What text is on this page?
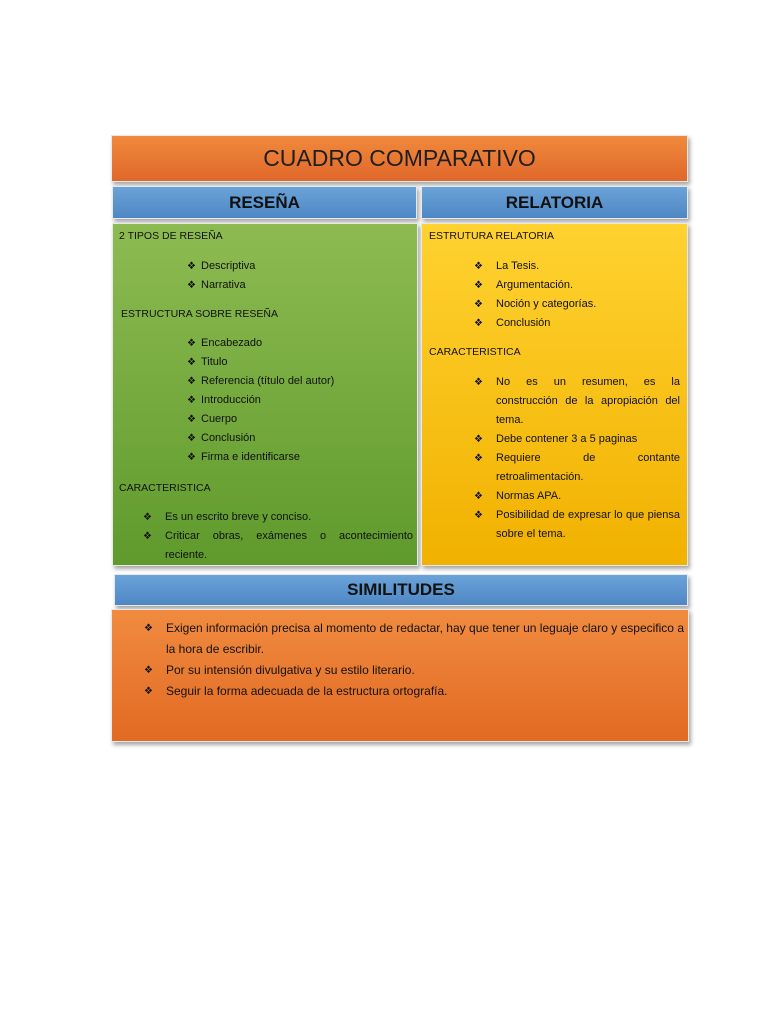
CUADRO COMPARATIVO
RESEÑA	RELATORIA
2 TIPOS DE RESEÑA
❖ Descriptiva
❖ Narrativa
ESTRUCTURA SOBRE RESEÑA
❖ Encabezado
❖ Titulo
❖ Referencia (título del autor)
❖ Introducción
❖ Cuerpo
❖ Conclusión
❖ Firma e identificarse
CARACTERISTICA
❖ Es un escrito breve y conciso.
❖	Criticar obras, exámenes o acontecimiento reciente.
ESTRUTURA RELATORIA
❖ La Tesis.
❖ Argumentación.
❖ Noción y categorías.
❖ Conclusión
CARACTERISTICA
❖	No es un resumen, es la construcción de la apropiación del tema.
❖	Debe contener 3 a 5 paginas
❖	Requiere de contante retroalimentación.
❖	Normas APA.
❖	Posibilidad de expresar lo que piensa sobre el tema.
SIMILITUDES
❖	Exigen información precisa al momento de redactar, hay que tener un leguaje claro y especifico a la hora de escribir.
❖	Por su intensión divulgativa y su estilo literario.
❖	Seguir la forma adecuada de la estructura ortografía.
